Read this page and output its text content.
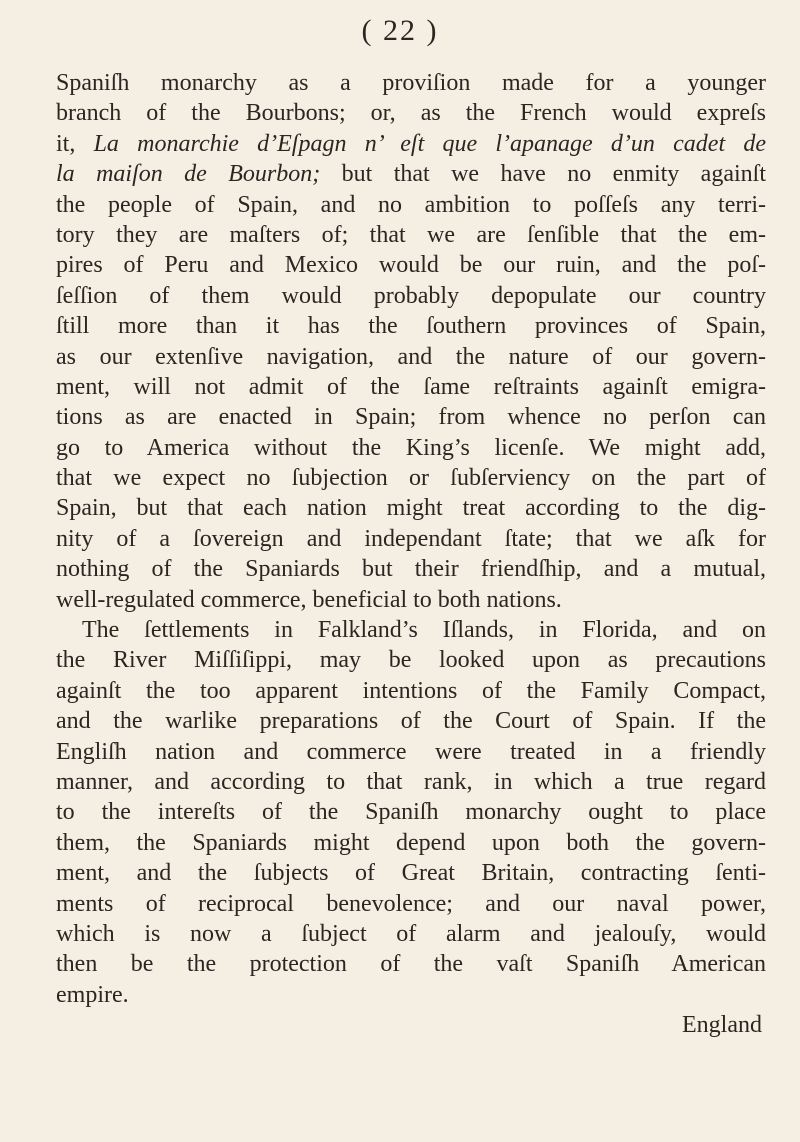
( 22 )
Spaniſh monarchy as a proviſion made for a younger
branch of the Bourbons; or, as the French would expreſs
it, La monarchie d’Eſpagn n’ eſt que l’apanage d’un cadet de
la maiſon de Bourbon; but that we have no enmity againſt
the people of Spain, and no ambition to poſſeſs any terri-
tory they are maſters of; that we are ſenſible that the em-
pires of Peru and Mexico would be our ruin, and the poſ-
ſeſſion of them would probably depopulate our country
ſtill more than it has the ſouthern provinces of Spain,
as our extenſive navigation, and the nature of our govern-
ment, will not admit of the ſame reſtraints againſt emigra-
tions as are enacted in Spain; from whence no perſon can
go to America without the King’s licenſe. We might add,
that we expect no ſubjection or ſubſerviency on the part of
Spain, but that each nation might treat according to the dig-
nity of a ſovereign and independant ſtate; that we aſk for
nothing of the Spaniards but their friendſhip, and a mutual,
well-regulated commerce, beneficial to both nations.
The ſettlements in Falkland’s Iſlands, in Florida, and on
the River Miſſiſippi, may be looked upon as precautions
againſt the too apparent intentions of the Family Compact,
and the warlike preparations of the Court of Spain. If the
Engliſh nation and commerce were treated in a friendly
manner, and according to that rank, in which a true regard
to the intereſts of the Spaniſh monarchy ought to place
them, the Spaniards might depend upon both the govern-
ment, and the ſubjects of Great Britain, contracting ſenti-
ments of reciprocal benevolence; and our naval power,
which is now a ſubject of alarm and jealouſy, would
then be the protection of the vaſt Spaniſh American
empire.
England
